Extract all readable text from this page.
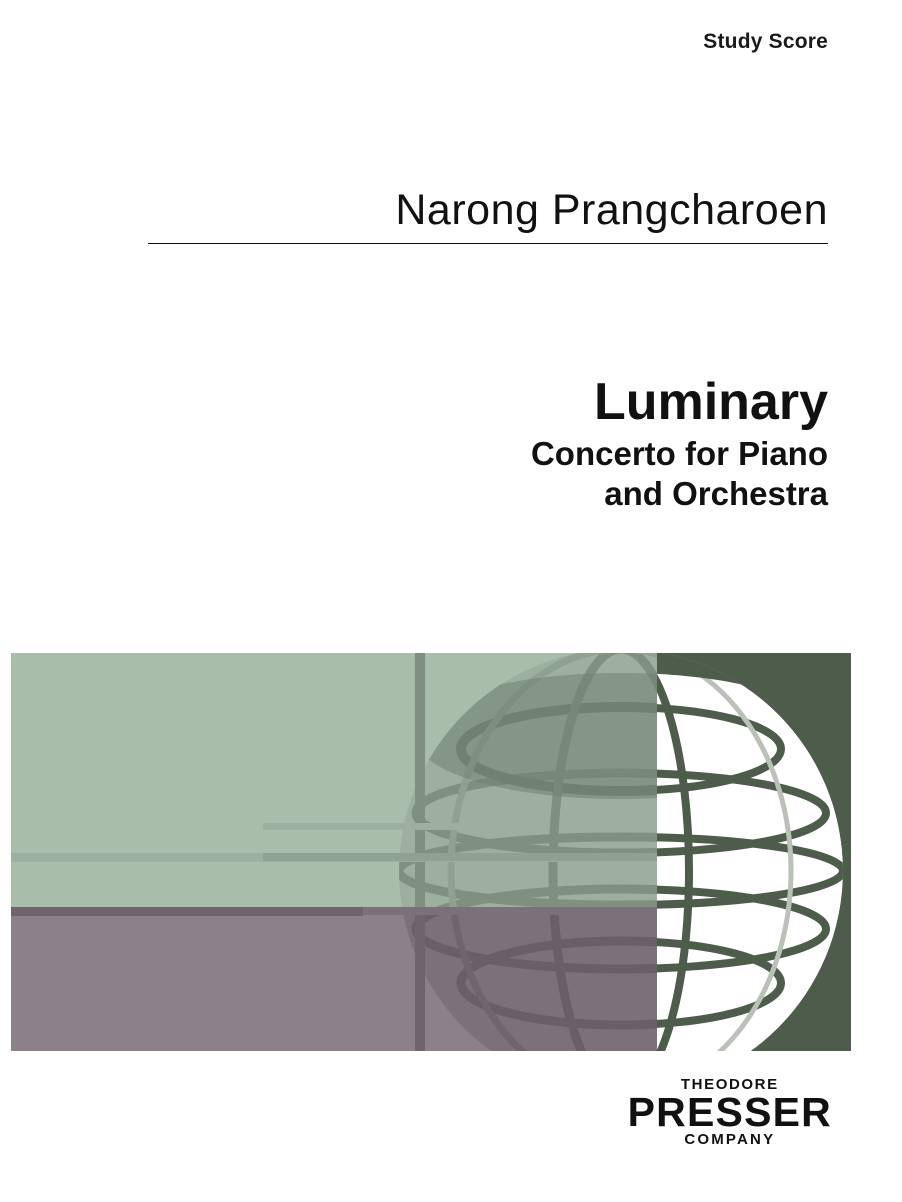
Study Score
Narong Prangcharoen
Luminary
Concerto for Piano
and Orchestra
THEODORE
PRESSER
COMPANY
